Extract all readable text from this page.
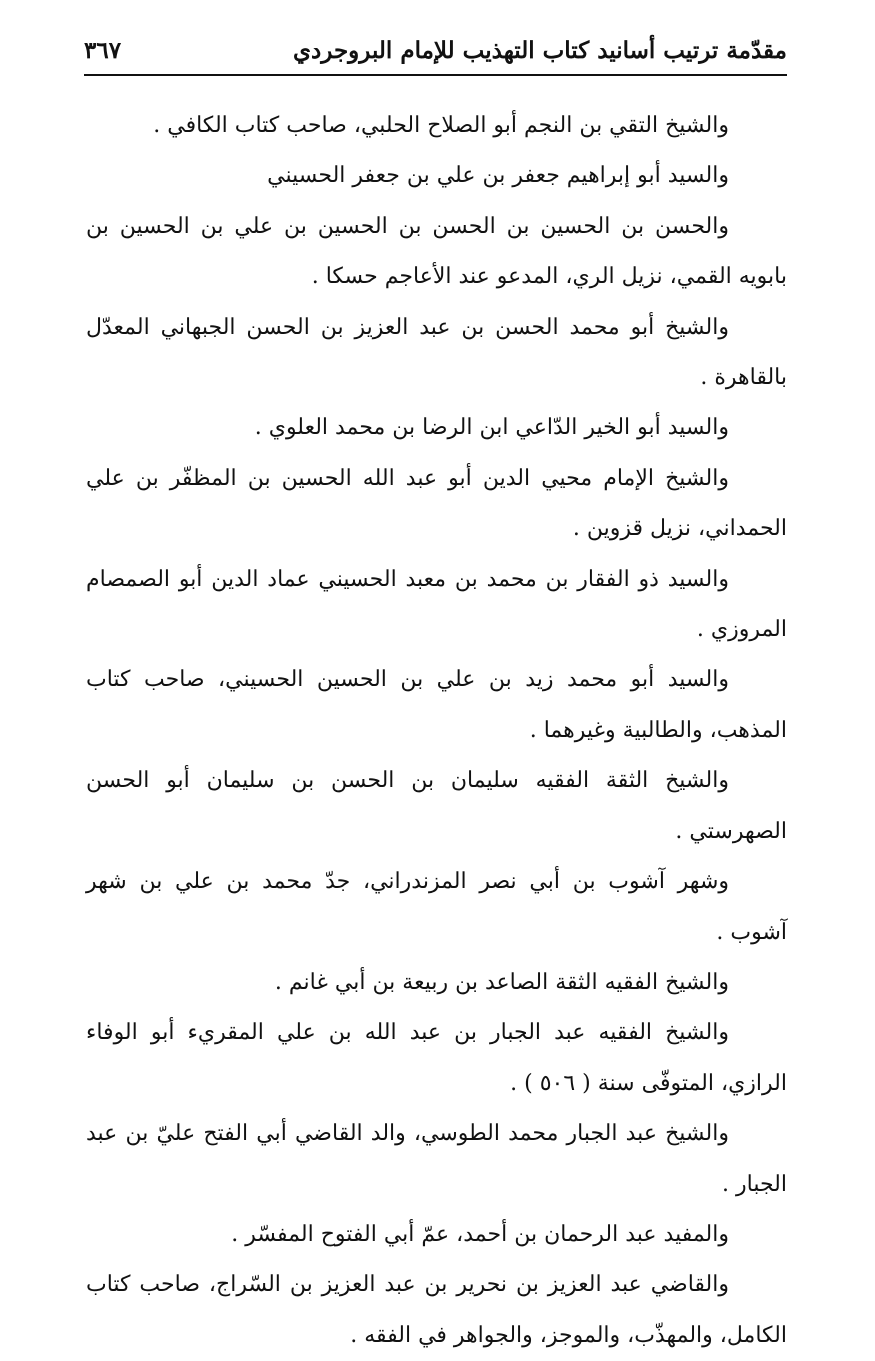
مقدّمة ترتيب أسانيد كتاب التهذيب للإمام البروجردي
٣٦٧

والشيخ التقي بن النجم أبو الصلاح الحلبي، صاحب كتاب الكافي .

والسيد أبو إبراهيم جعفر بن علي بن جعفر الحسيني

والحسن بن الحسين بن الحسن بن الحسين بن علي بن الحسين بن بابويه القمي، نزيل الري، المدعو عند الأعاجم حسكا .

والشيخ أبو محمد الحسن بن عبد العزيز بن الحسن الجبهاني المعدّل بالقاهرة .

والسيد أبو الخير الدّاعي ابن الرضا بن محمد العلوي .

والشيخ الإمام محيي الدين أبو عبد الله الحسين بن المظفّر بن علي الحمداني، نزيل قزوين .

والسيد ذو الفقار بن محمد بن معبد الحسيني عماد الدين أبو الصمصام المروزي .

والسيد أبو محمد زيد بن علي بن الحسين الحسيني، صاحب كتاب المذهب، والطالبية وغيرهما .

والشيخ الثقة الفقيه سليمان بن الحسن بن سليمان أبو الحسن الصهرستي .

وشهر آشوب بن أبي نصر المزندراني، جدّ محمد بن علي بن شهر آشوب .

والشيخ الفقيه الثقة الصاعد بن ربيعة بن أبي غانم .

والشيخ الفقيه عبد الجبار بن عبد الله بن علي المقريء أبو الوفاء الرازي، المتوفّى سنة ( ٥٠٦ ) .

والشيخ عبد الجبار محمد الطوسي، والد القاضي أبي الفتح عليّ بن عبد الجبار .

والمفيد عبد الرحمان بن أحمد، عمّ أبي الفتوح المفسّر .

والقاضي عبد العزيز بن نحرير بن عبد العزيز بن السّراج، صاحب كتاب الكامل، والمهذّب، والموجز، والجواهر في الفقه .
